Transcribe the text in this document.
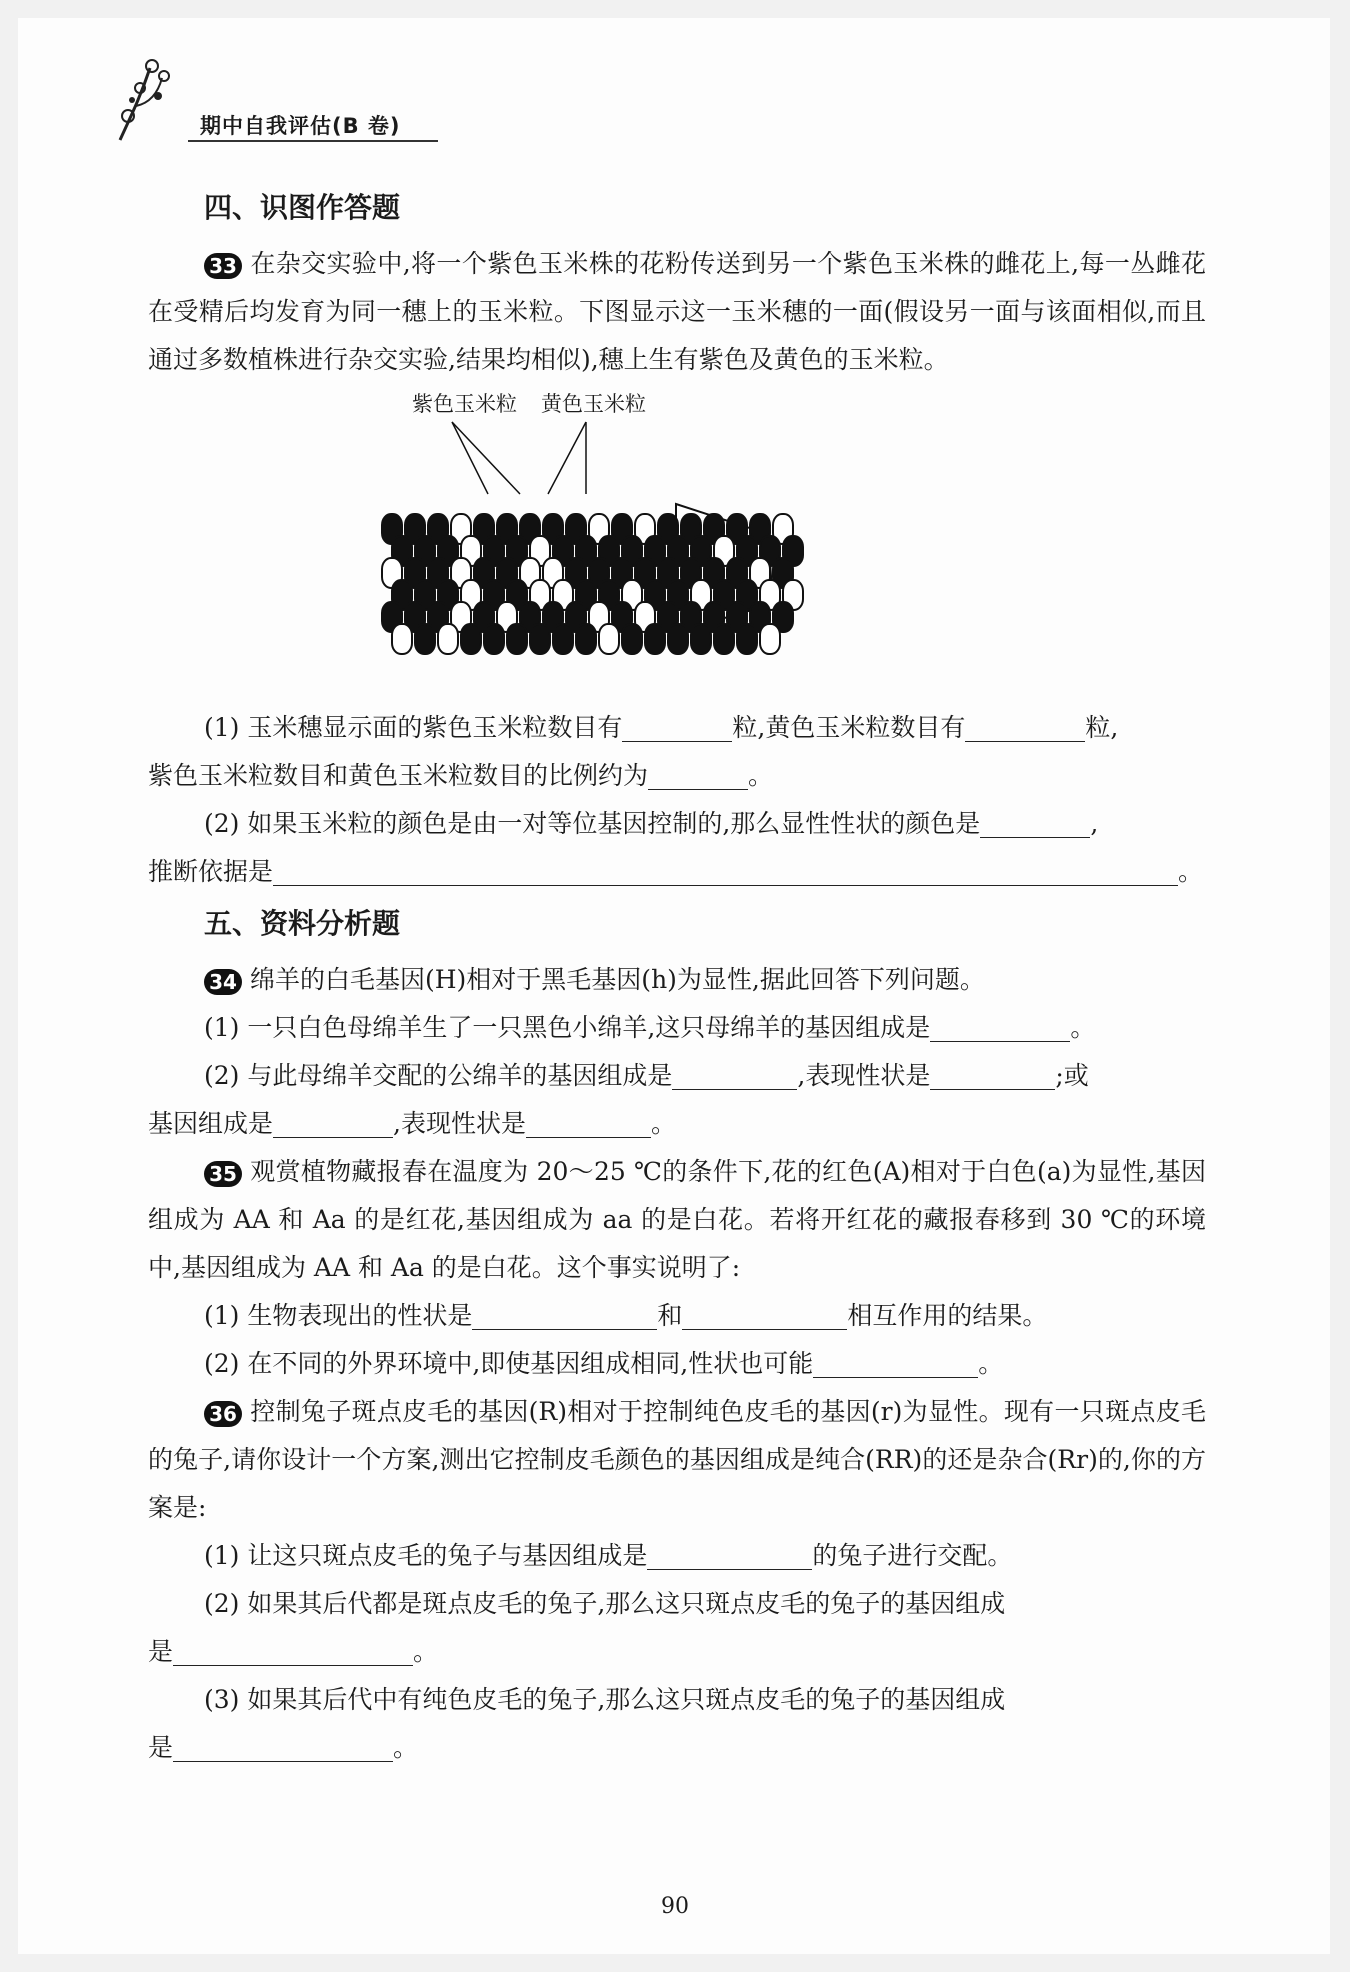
期中自我评估(B 卷)
四、识图作答题

33 在杂交实验中,将一个紫色玉米株的花粉传送到另一个紫色玉米株的雌花上,每一丛雌花在受精后均发育为同一穗上的玉米粒。下图显示这一玉米穗的一面(假设另一面与该面相似,而且通过多数植株进行杂交实验,结果均相似),穗上生有紫色及黄色的玉米粒。

紫色玉米粒 黄色玉米粒

(1) 玉米穗显示面的紫色玉米粒数目有	粒,黄色玉米粒数目有	粒,

紫色玉米粒数目和黄色玉米粒数目的比例约为	。

(2) 如果玉米粒的颜色是由一对等位基因控制的,那么显性性状的颜色是	,

推断依据是	。

五、资料分析题

34 绵羊的白毛基因(H)相对于黑毛基因(h)为显性,据此回答下列问题。

(1) 一只白色母绵羊生了一只黑色小绵羊,这只母绵羊的基因组成是	。

(2) 与此母绵羊交配的公绵羊的基因组成是	,表现性状是	;或

基因组成是	,表现性状是	。

35 观赏植物藏报春在温度为 20～25 ℃的条件下,花的红色(A)相对于白色(a)为显性,基因组成为 AA 和 Aa 的是红花,基因组成为 aa 的是白花。若将开红花的藏报春移到 30 ℃的环境中,基因组成为 AA 和 Aa 的是白花。这个事实说明了:

(1) 生物表现出的性状是	和	相互作用的结果。

(2) 在不同的外界环境中,即使基因组成相同,性状也可能	。

36 控制兔子斑点皮毛的基因(R)相对于控制纯色皮毛的基因(r)为显性。现有一只斑点皮毛的兔子,请你设计一个方案,测出它控制皮毛颜色的基因组成是纯合(RR)的还是杂合(Rr)的,你的方案是:

(1) 让这只斑点皮毛的兔子与基因组成是	的兔子进行交配。

(2) 如果其后代都是斑点皮毛的兔子,那么这只斑点皮毛的兔子的基因组成

是	。

(3) 如果其后代中有纯色皮毛的兔子,那么这只斑点皮毛的兔子的基因组成

是	。

90
